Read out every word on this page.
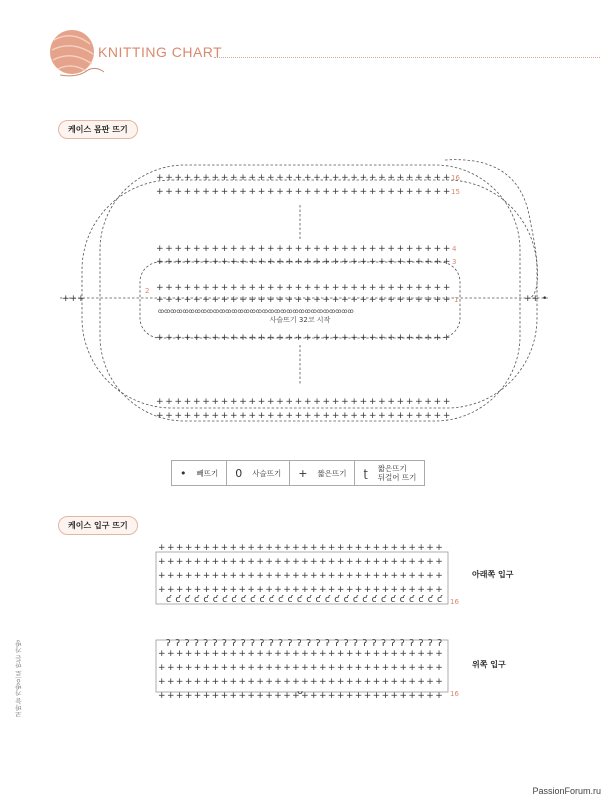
KNITTING CHART
케이스 몸판 뜨기
케이스 입구 뜨기
++++++++++++++++++++++++++++++++
++++++++++++++++++++++++++++++++
++++++++++++++++++++++++++++++++
++++++++++++++++++++++++++++++++
++++++++++++++++++++++++++++++++
++++++++++++++++++++++++++++++++
++++++++++++++++++++++++++++++++
++++++++++++++++++++++++++++++++
++++++++++++++++++++++++++++++++
ꝏꝏꝏꝏꝏꝏꝏꝏꝏꝏꝏꝏꝏꝏꝏꝏꝏꝏꝏꝏꝏꝏꝏꝏꝏꝏꝏꝏꝏꝏꝏꝏ
사슬뜨기 32코 시작
16
15
4
3
2
1
+++	++ •
• 빼뜨기 0 사슬뜨기 + 짧은뜨기 ʈ 짧은뜨기
뒤걸어 뜨기
++++++++++++++++++++++++++++++++
++++++++++++++++++++++++++++++++
++++++++++++++++++++++++++++++++
++++++++++++++++++++++++++++++++
ƈƈƈƈƈƈƈƈƈƈƈƈƈƈƈƈƈƈƈƈƈƈƈƈƈƈƈƈƈƈ
ʔʔʔʔʔʔʔʔʔʔʔʔʔʔʔʔʔʔʔʔʔʔʔʔʔʔʔʔʔʔ
++++++++++++++++++++++++++++++++
++++++++++++++++++++++++++++++++
++++++++++++++++++++++++++++++++
++++++++++++++++++++++++++++++++
16
16
ᴗ
아래쪽 입구
위쪽 입구
코바늘 가방으로 만든 가방
PassionForum.ru
